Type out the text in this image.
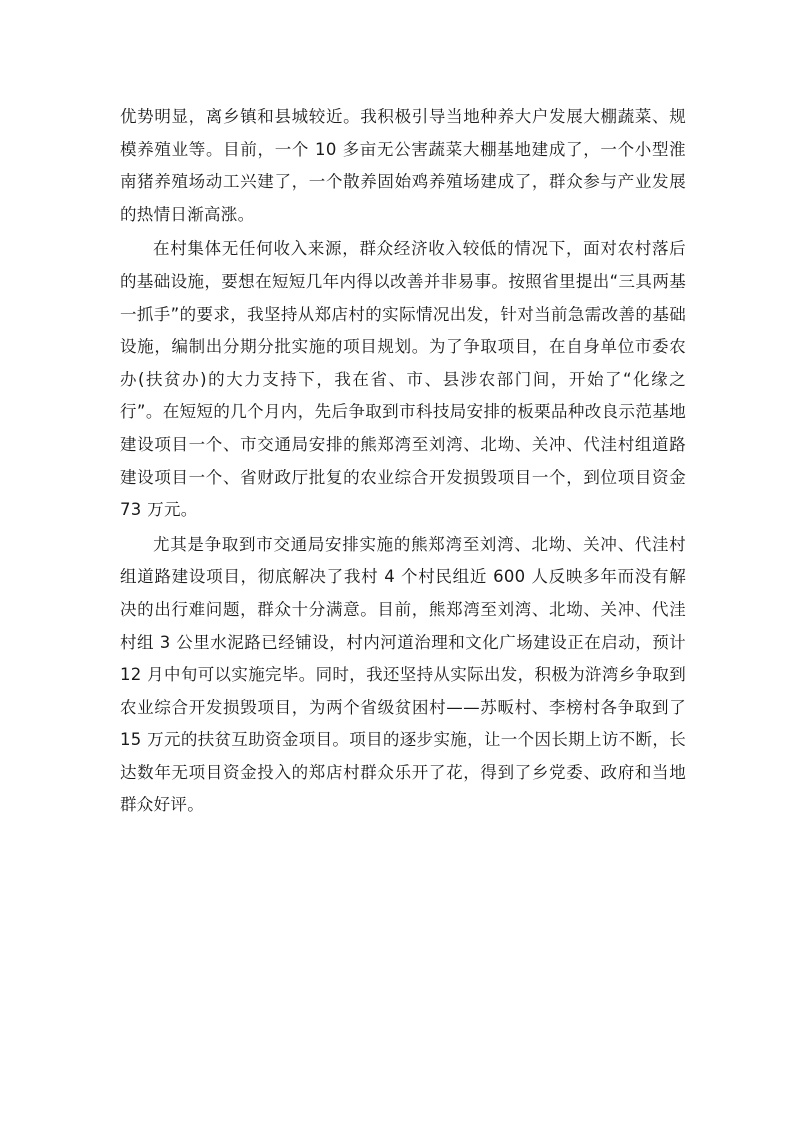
优势明显，离乡镇和县城较近。我积极引导当地种养大户发展大棚蔬菜、规模养殖业等。目前，一个 10 多亩无公害蔬菜大棚基地建成了，一个小型淮南猪养殖场动工兴建了，一个散养固始鸡养殖场建成了，群众参与产业发展的热情日渐高涨。

在村集体无任何收入来源，群众经济收入较低的情况下，面对农村落后的基础设施，要想在短短几年内得以改善并非易事。按照省里提出“三具两基一抓手”的要求，我坚持从郑店村的实际情况出发，针对当前急需改善的基础设施，编制出分期分批实施的项目规划。为了争取项目，在自身单位市委农办(扶贫办)的大力支持下，我在省、市、县涉农部门间，开始了“化缘之行”。在短短的几个月内，先后争取到市科技局安排的板栗品种改良示范基地建设项目一个、市交通局安排的熊郑湾至刘湾、北坳、关冲、代洼村组道路建设项目一个、省财政厅批复的农业综合开发损毁项目一个，到位项目资金 73 万元。

尤其是争取到市交通局安排实施的熊郑湾至刘湾、北坳、关冲、代洼村组道路建设项目，彻底解决了我村 4 个村民组近 600 人反映多年而没有解决的出行难问题，群众十分满意。目前，熊郑湾至刘湾、北坳、关冲、代洼村组 3 公里水泥路已经铺设，村内河道治理和文化广场建设正在启动，预计 12 月中旬可以实施完毕。同时，我还坚持从实际出发，积极为浒湾乡争取到农业综合开发损毁项目，为两个省级贫困村——苏畈村、李榜村各争取到了 15 万元的扶贫互助资金项目。项目的逐步实施，让一个因长期上访不断，长达数年无项目资金投入的郑店村群众乐开了花，得到了乡党委、政府和当地群众好评。
